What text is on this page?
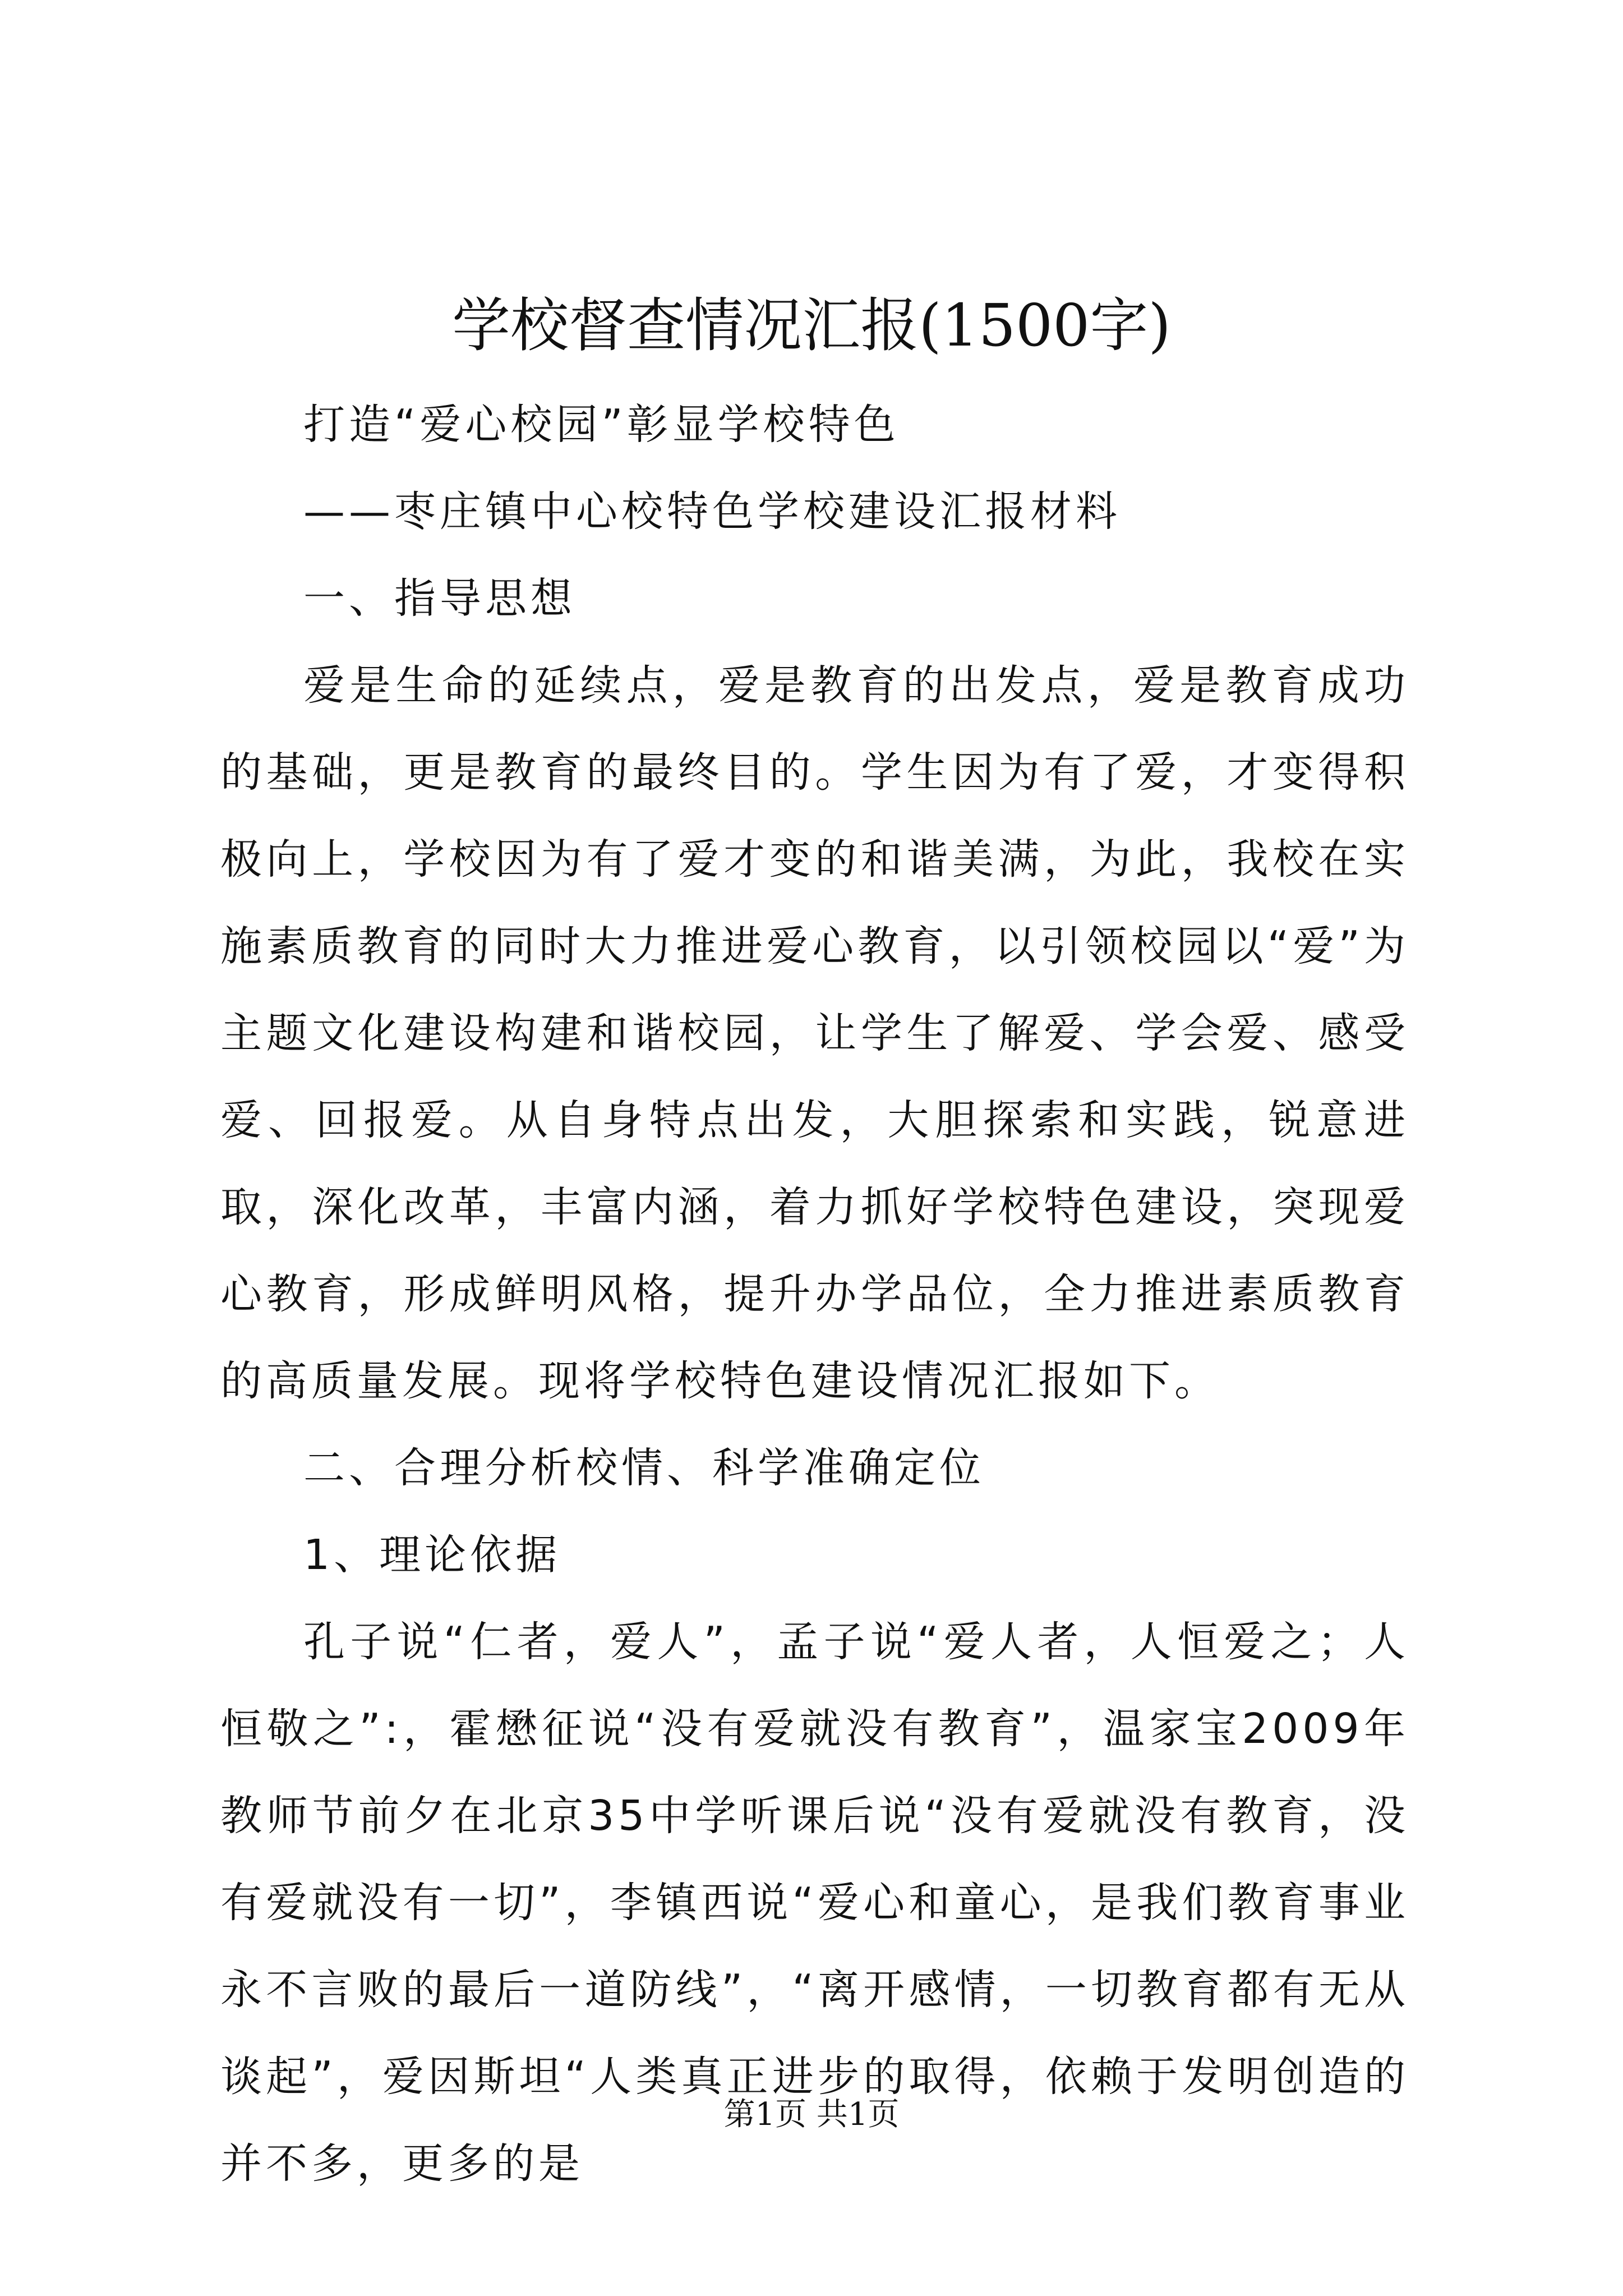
学校督查情况汇报(1500字)

打造“爱心校园”彰显学校特色

——枣庄镇中心校特色学校建设汇报材料

一、指导思想

爱是生命的延续点，爱是教育的出发点，爱是教育成功的基础，更是教育的最终目的。学生因为有了爱，才变得积极向上，学校因为有了爱才变的和谐美满，为此，我校在实施素质教育的同时大力推进爱心教育，以引领校园以“爱”为主题文化建设构建和谐校园，让学生了解爱、学会爱、感受爱、回报爱。从自身特点出发，大胆探索和实践，锐意进取，深化改革，丰富内涵，着力抓好学校特色建设，突现爱心教育，形成鲜明风格，提升办学品位，全力推进素质教育的高质量发展。现将学校特色建设情况汇报如下。

二、合理分析校情、科学准确定位

1、理论依据

孔子说“仁者，爱人”，孟子说“爱人者，人恒爱之；人恒敬之”:，霍懋征说“没有爱就没有教育”，温家宝2009年教师节前夕在北京35中学听课后说“没有爱就没有教育，没有爱就没有一切”，李镇西说“爱心和童心，是我们教育事业永不言败的最后一道防线”，“离开感情，一切教育都有无从谈起”，爱因斯坦“人类真正进步的取得，依赖于发明创造的并不多，更多的是

第1页 共1页
